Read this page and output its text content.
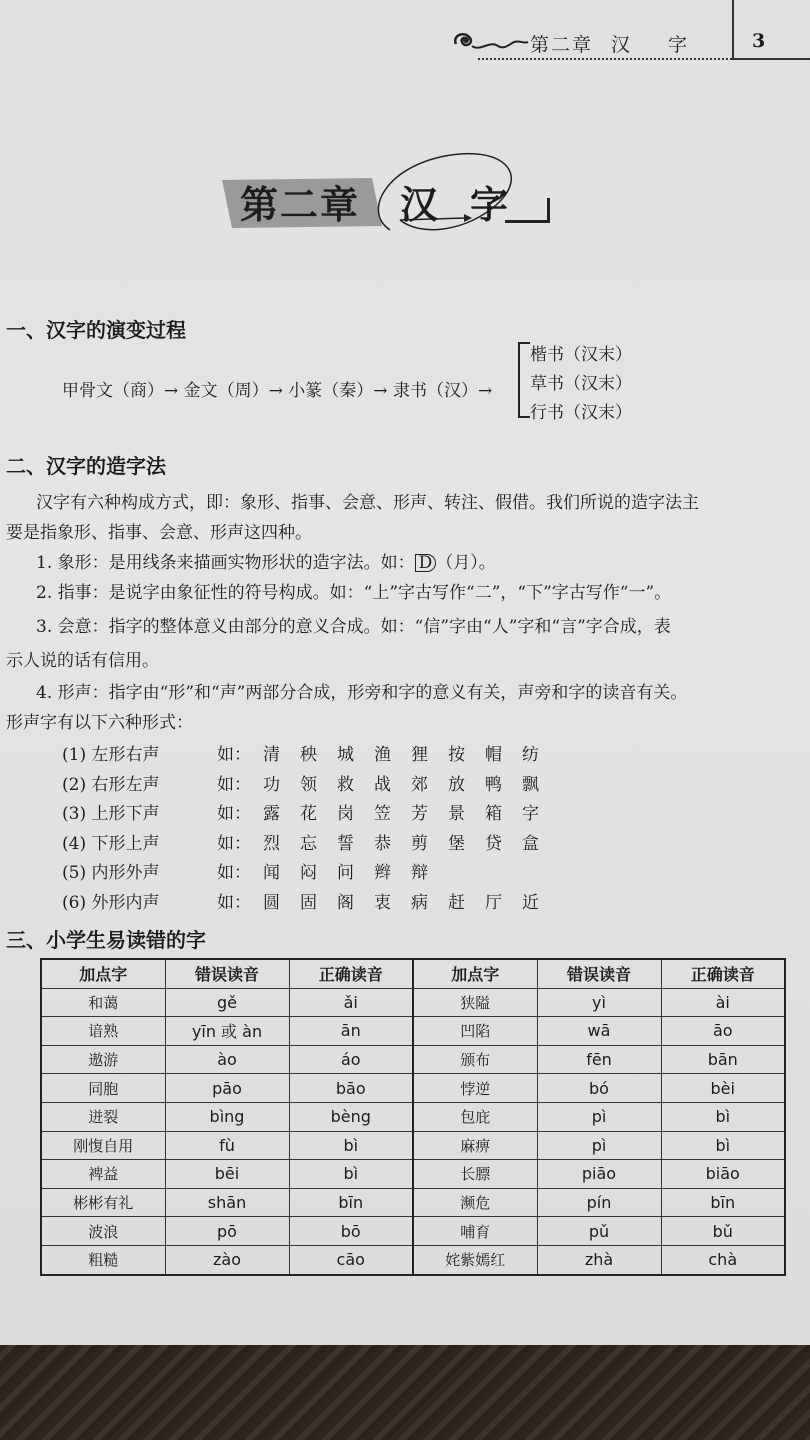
第二章 汉 字	3
第二章 汉 字
一、汉字的演变过程
甲骨文（商）→ 金文（周）→ 小篆（秦）→ 隶书（汉）→
楷书（汉末）
草书（汉末）
行书（汉末）
二、汉字的造字法
汉字有六种构成方式，即：象形、指事、会意、形声、转注、假借。我们所说的造字法主
要是指象形、指事、会意、形声这四种。
1. 象形：是用线条来描画实物形状的造字法。如： D （月）。
2. 指事：是说字由象征性的符号构成。如：“上”字古写作“二”，“下”字古写作“一”。
3. 会意：指字的整体意义由部分的意义合成。如：“信”字由“人”字和“言”字合成，表
示人说的话有信用。
4. 形声：指字由“形”和“声”两部分合成，形旁和字的意义有关，声旁和字的读音有关。
形声字有以下六种形式：
(1) 左形右声	如： 清 秧 城 渔 狸 按 帽 纺
(2) 右形左声	如： 功 领 救 战 郊 放 鸭 飘
(3) 上形下声	如： 露 花 岗 笠 芳 景 箱 字
(4) 下形上声	如： 烈 忘 誓 恭 剪 堡 贷 盒
(5) 内形外声	如： 闻 闷 问 辫 辩
(6) 外形内声	如： 圆 固 阁 衷 病 赶 厅 近
三、小学生易读错的字
加点字	错误读音	正确读音	加点字	错误读音	正确读音
和蔼	gě	ǎi	狭隘	yì	ài
谙熟	yīn 或 àn	ān	凹陷	wā	āo
遨游	ào	áo	颁布	fēn	bān
同胞	pāo	bāo	悖逆	bó	bèi
迸裂	bìng	bèng	包庇	pì	bì
刚愎自用	fù	bì	麻痹	pì	bì
裨益	bēi	bì	长膘	piāo	biāo
彬彬有礼	shān	bīn	濒危	pín	bīn
波浪	pō	bō	哺育	pǔ	bǔ
粗糙	zào	cāo	姹紫嫣红	zhà	chà
